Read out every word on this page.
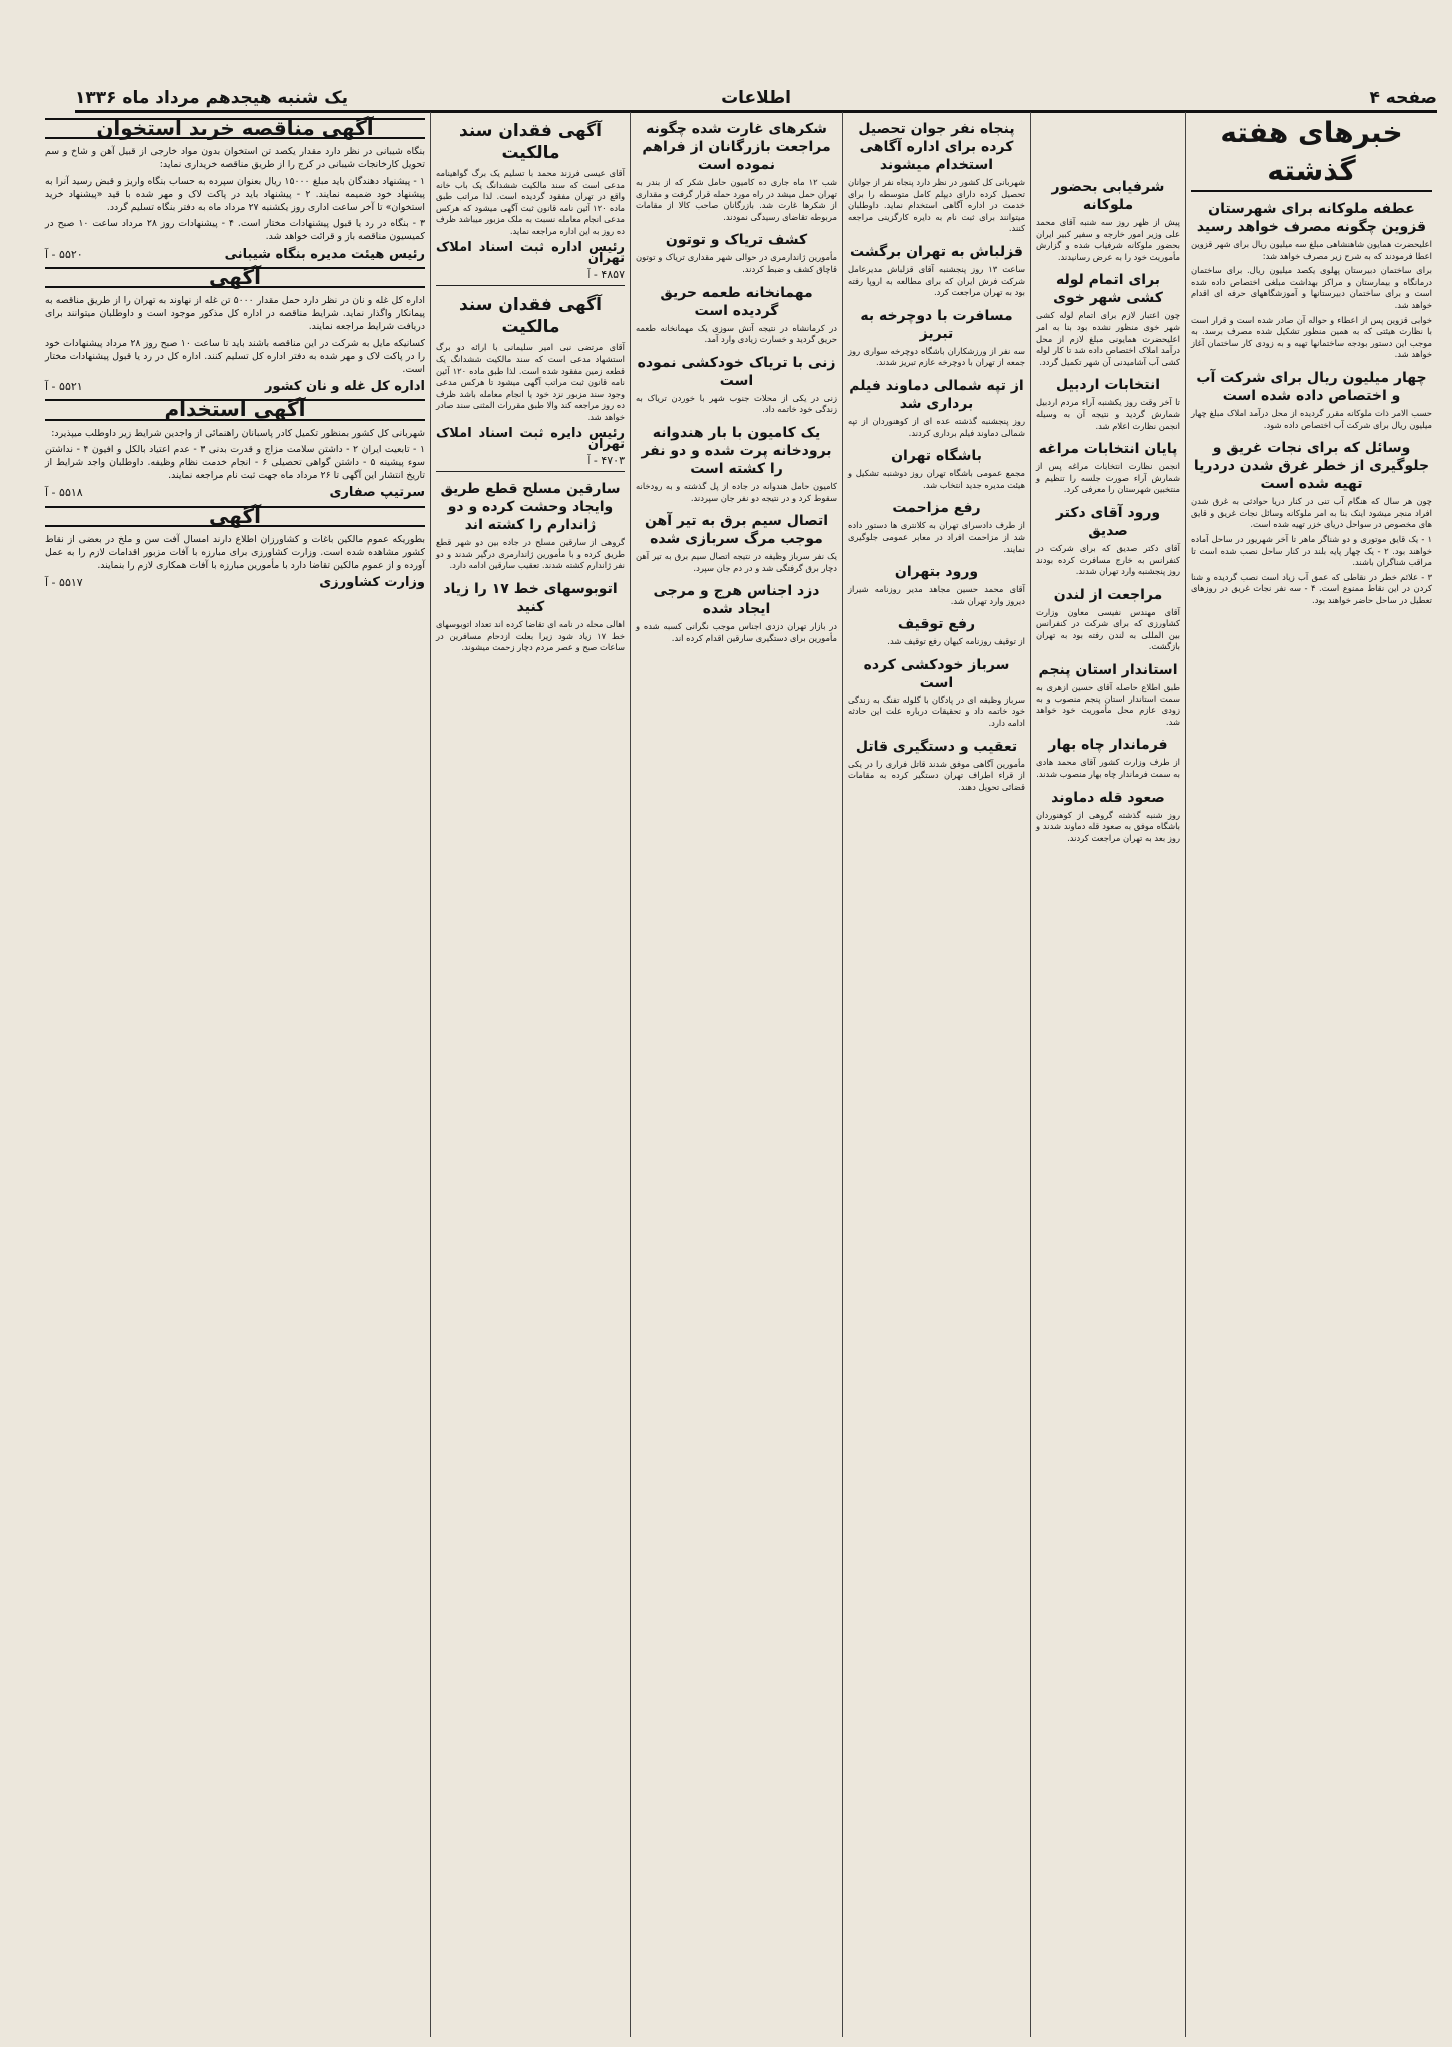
صفحه ۴
اطلاعات
یک شنبه هیجدهم مرداد ماه ۱۳۳۶
خبرهای هفته گذشته
عطفه ملوکانه برای شهرستان قزوین چگونه مصرف خواهد رسید

اعلیحضرت همایون شاهنشاهی مبلغ سه میلیون ریال برای شهر قزوین اعطا فرمودند که به شرح زیر مصرف خواهد شد:

برای ساختمان دبیرستان پهلوی یکصد میلیون ریال. برای ساختمان درمانگاه و بیمارستان و مراکز بهداشت مبلغی اختصاص داده شده است و برای ساختمان دبیرستانها و آموزشگاههای حرفه ای اقدام خواهد شد.

خوابی قزوین پس از اعطاء و حواله آن صادر شده است و قرار است با نظارت هیئتی که به همین منظور تشکیل شده مصرف برسد. به موجب این دستور بودجه ساختمانها تهیه و به زودی کار ساختمان آغاز خواهد شد.

چهار میلیون ریال برای شرکت آب و اختصاص داده شده است

حسب الامر ذات ملوکانه مقرر گردیده از محل درآمد املاک مبلغ چهار میلیون ریال برای شرکت آب اختصاص داده شود.

وسائل که برای نجات غریق و جلوگیری از خطر غرق شدن دردریا تهیه شده است

چون هر سال که هنگام آب تنی در کنار دریا حوادثی به غرق شدن افراد منجر میشود اینک بنا به امر ملوکانه وسائل نجات غریق و قایق های مخصوص در سواحل دریای خزر تهیه شده است.

۱ - یک قایق موتوری و دو شناگر ماهر تا آخر شهریور در ساحل آماده خواهند بود. ۲ - یک چهار پایه بلند در کنار ساحل نصب شده است تا مراقب شناگران باشند.

۳ - علائم خطر در نقاطی که عمق آب زیاد است نصب گردیده و شنا کردن در این نقاط ممنوع است. ۴ - سه نفر نجات غریق در روزهای تعطیل در ساحل حاضر خواهند بود.

شرفیابی بحضور ملوکانه

پیش از ظهر روز سه شنبه آقای محمد علی وزیر امور خارجه و سفیر کبیر ایران بحضور ملوکانه شرفیاب شده و گزارش مأموریت خود را به عرض رسانیدند.

برای اتمام لوله کشی شهر خوی

چون اعتبار لازم برای اتمام لوله کشی شهر خوی منظور نشده بود بنا به امر اعلیحضرت همایونی مبلغ لازم از محل درآمد املاک اختصاص داده شد تا کار لوله کشی آب آشامیدنی آن شهر تکمیل گردد.

انتخابات اردبیل

تا آخر وقت روز یکشنبه آراء مردم اردبیل شمارش گردید و نتیجه آن به وسیله انجمن نظارت اعلام شد.

پایان انتخابات مراغه

انجمن نظارت انتخابات مراغه پس از شمارش آراء صورت جلسه را تنظیم و منتخبین شهرستان را معرفی کرد.

ورود آقای دکتر صدیق

آقای دکتر صدیق که برای شرکت در کنفرانس به خارج مسافرت کرده بودند روز پنجشنبه وارد تهران شدند.

مراجعت از لندن

آقای مهندس نفیسی معاون وزارت کشاورزی که برای شرکت در کنفرانس بین المللی به لندن رفته بود به تهران بازگشت.

استاندار استان پنجم

طبق اطلاع حاصله آقای حسین ازهری به سمت استاندار استان پنجم منصوب و به زودی عازم محل مأموریت خود خواهد شد.

فرماندار چاه بهار

از طرف وزارت کشور آقای محمد هادی به سمت فرماندار چاه بهار منصوب شدند.

صعود قله دماوند

روز شنبه گذشته گروهی از کوهنوردان باشگاه موفق به صعود قله دماوند شدند و روز بعد به تهران مراجعت کردند.

پنجاه نفر جوان تحصیل کرده برای اداره آگاهی استخدام میشوند

شهربانی کل کشور در نظر دارد پنجاه نفر از جوانان تحصیل کرده دارای دیپلم کامل متوسطه را برای خدمت در اداره آگاهی استخدام نماید. داوطلبان میتوانند برای ثبت نام به دایره کارگزینی مراجعه کنند.

قزلباش به تهران برگشت

ساعت ۱۳ روز پنجشنبه آقای قزلباش مدیرعامل شرکت فرش ایران که برای مطالعه به اروپا رفته بود به تهران مراجعت کرد.

مسافرت با دوچرخه به تبریز

سه نفر از ورزشکاران باشگاه دوچرخه سواری روز جمعه از تهران با دوچرخه عازم تبریز شدند.

از تپه شمالی دماوند فیلم برداری شد

روز پنجشنبه گذشته عده ای از کوهنوردان از تپه شمالی دماوند فیلم برداری کردند.

باشگاه تهران

مجمع عمومی باشگاه تهران روز دوشنبه تشکیل و هیئت مدیره جدید انتخاب شد.

رفع مزاحمت

از طرف دادسرای تهران به کلانتری ها دستور داده شد از مزاحمت افراد در معابر عمومی جلوگیری نمایند.

ورود بتهران

آقای محمد حسین مجاهد مدیر روزنامه شیراز دیروز وارد تهران شد.

رفع توقیف

از توقیف روزنامه کیهان رفع توقیف شد.

سرباز خودکشی کرده است

سرباز وظیفه ای در پادگان با گلوله تفنگ به زندگی خود خاتمه داد و تحقیقات درباره علت این حادثه ادامه دارد.

تعقیب و دستگیری قاتل

مأمورین آگاهی موفق شدند قاتل فراری را در یکی از قراء اطراف تهران دستگیر کرده به مقامات قضائی تحویل دهند.

شکرهای غارت شده چگونه مراجعت بازرگانان از فراهم نموده است

شب ۱۲ ماه جاری ده کامیون حامل شکر که از بندر به تهران حمل میشد در راه مورد حمله قرار گرفت و مقداری از شکرها غارت شد. بازرگانان صاحب کالا از مقامات مربوطه تقاضای رسیدگی نمودند.

کشف تریاک و توتون

مأمورین ژاندارمری در حوالی شهر مقداری تریاک و توتون قاچاق کشف و ضبط کردند.

مهمانخانه طعمه حریق گردیده است

در کرمانشاه در نتیجه آتش سوزی یک مهمانخانه طعمه حریق گردید و خسارت زیادی وارد آمد.

زنی با تریاک خودکشی نموده است

زنی در یکی از محلات جنوب شهر با خوردن تریاک به زندگی خود خاتمه داد.

یک کامیون با بار هندوانه برودخانه پرت شده و دو نفر را کشته است

کامیون حامل هندوانه در جاده از پل گذشته و به رودخانه سقوط کرد و در نتیجه دو نفر جان سپردند.

اتصال سیم برق به تیر آهن موجب مرگ سربازی شده

یک نفر سرباز وظیفه در نتیجه اتصال سیم برق به تیر آهن دچار برق گرفتگی شد و در دم جان سپرد.

دزد اجناس هرج و مرجی ایجاد شده

در بازار تهران دزدی اجناس موجب نگرانی کسبه شده و مأمورین برای دستگیری سارقین اقدام کرده اند.

آگهی فقدان سند مالکیت

آقای عیسی فرزند محمد با تسلیم یک برگ گواهینامه مدعی است که سند مالکیت ششدانگ یک باب خانه واقع در تهران مفقود گردیده است. لذا مراتب طبق ماده ۱۲۰ آئین نامه قانون ثبت آگهی میشود که هرکس مدعی انجام معامله نسبت به ملک مزبور میباشد ظرف ده روز به این اداره مراجعه نماید.

رئیس اداره ثبت اسناد املاک تهران
۴۸۵۷ - آ
آگهی فقدان سند مالکیت

آقای مرتضی نبی امیر سلیمانی با ارائه دو برگ استشهاد مدعی است که سند مالکیت ششدانگ یک قطعه زمین مفقود شده است. لذا طبق ماده ۱۲۰ آئین نامه قانون ثبت مراتب آگهی میشود تا هرکس مدعی وجود سند مزبور نزد خود یا انجام معامله باشد ظرف ده روز مراجعه کند والا طبق مقررات المثنی سند صادر خواهد شد.

رئیس دایره ثبت اسناد املاک تهران
۴۷۰۳ - آ
سارقین مسلح قطع طریق وایجاد وحشت کرده و دو ژاندارم را کشته اند

گروهی از سارقین مسلح در جاده بین دو شهر قطع طریق کرده و با مأمورین ژاندارمری درگیر شدند و دو نفر ژاندارم کشته شدند. تعقیب سارقین ادامه دارد.

اتوبوسهای خط ۱۷ را زیاد کنید

اهالی محله در نامه ای تقاضا کرده اند تعداد اتوبوسهای خط ۱۷ زیاد شود زیرا بعلت ازدحام مسافرین در ساعات صبح و عصر مردم دچار زحمت میشوند.

آگهی مناقصه خرید استخوان

بنگاه شیبانی در نظر دارد مقدار یکصد تن استخوان بدون مواد خارجی از قبیل آهن و شاخ و سم تحویل کارخانجات شیبانی در کرج را از طریق مناقصه خریداری نماید:

۱ - پیشنهاد دهندگان باید مبلغ ۱۵۰۰۰ ریال بعنوان سپرده به حساب بنگاه واریز و قبض رسید آنرا به پیشنهاد خود ضمیمه نمایند. ۲ - پیشنهاد باید در پاکت لاک و مهر شده با قید «پیشنهاد خرید استخوان» تا آخر ساعت اداری روز یکشنبه ۲۷ مرداد ماه به دفتر بنگاه تسلیم گردد.

۳ - بنگاه در رد یا قبول پیشنهادات مختار است. ۴ - پیشنهادات روز ۲۸ مرداد ساعت ۱۰ صبح در کمیسیون مناقصه باز و قرائت خواهد شد.

رئیس هیئت مدیره بنگاه شیبانی
۵۵۲۰ - آ
آگهی

اداره کل غله و نان در نظر دارد حمل مقدار ۵۰۰۰ تن غله از نهاوند به تهران را از طریق مناقصه به پیمانکار واگذار نماید. شرایط مناقصه در اداره کل مذکور موجود است و داوطلبان میتوانند برای دریافت شرایط مراجعه نمایند.

کسانیکه مایل به شرکت در این مناقصه باشند باید تا ساعت ۱۰ صبح روز ۲۸ مرداد پیشنهادات خود را در پاکت لاک و مهر شده به دفتر اداره کل تسلیم کنند. اداره کل در رد یا قبول پیشنهادات مختار است.

اداره کل غله و نان کشور
۵۵۲۱ - آ
آگهی استخدام

شهربانی کل کشور بمنظور تکمیل کادر پاسبانان راهنمائی از واجدین شرایط زیر داوطلب میپذیرد:

۱ - تابعیت ایران ۲ - داشتن سلامت مزاج و قدرت بدنی ۳ - عدم اعتیاد بالکل و افیون ۴ - نداشتن سوء پیشینه ۵ - داشتن گواهی تحصیلی ۶ - انجام خدمت نظام وظیفه. داوطلبان واجد شرایط از تاریخ انتشار این آگهی تا ۲۶ مرداد ماه جهت ثبت نام مراجعه نمایند.

سرتیپ صفاری
۵۵۱۸ - آ
آگهی

بطوریکه عموم مالکین باغات و کشاورزان اطلاع دارند امسال آفت سن و ملخ در بعضی از نقاط کشور مشاهده شده است. وزارت کشاورزی برای مبارزه با آفات مزبور اقدامات لازم را به عمل آورده و از عموم مالکین تقاضا دارد با مأمورین مبارزه با آفات همکاری لازم را بنمایند.

وزارت کشاورزی
۵۵۱۷ - آ
